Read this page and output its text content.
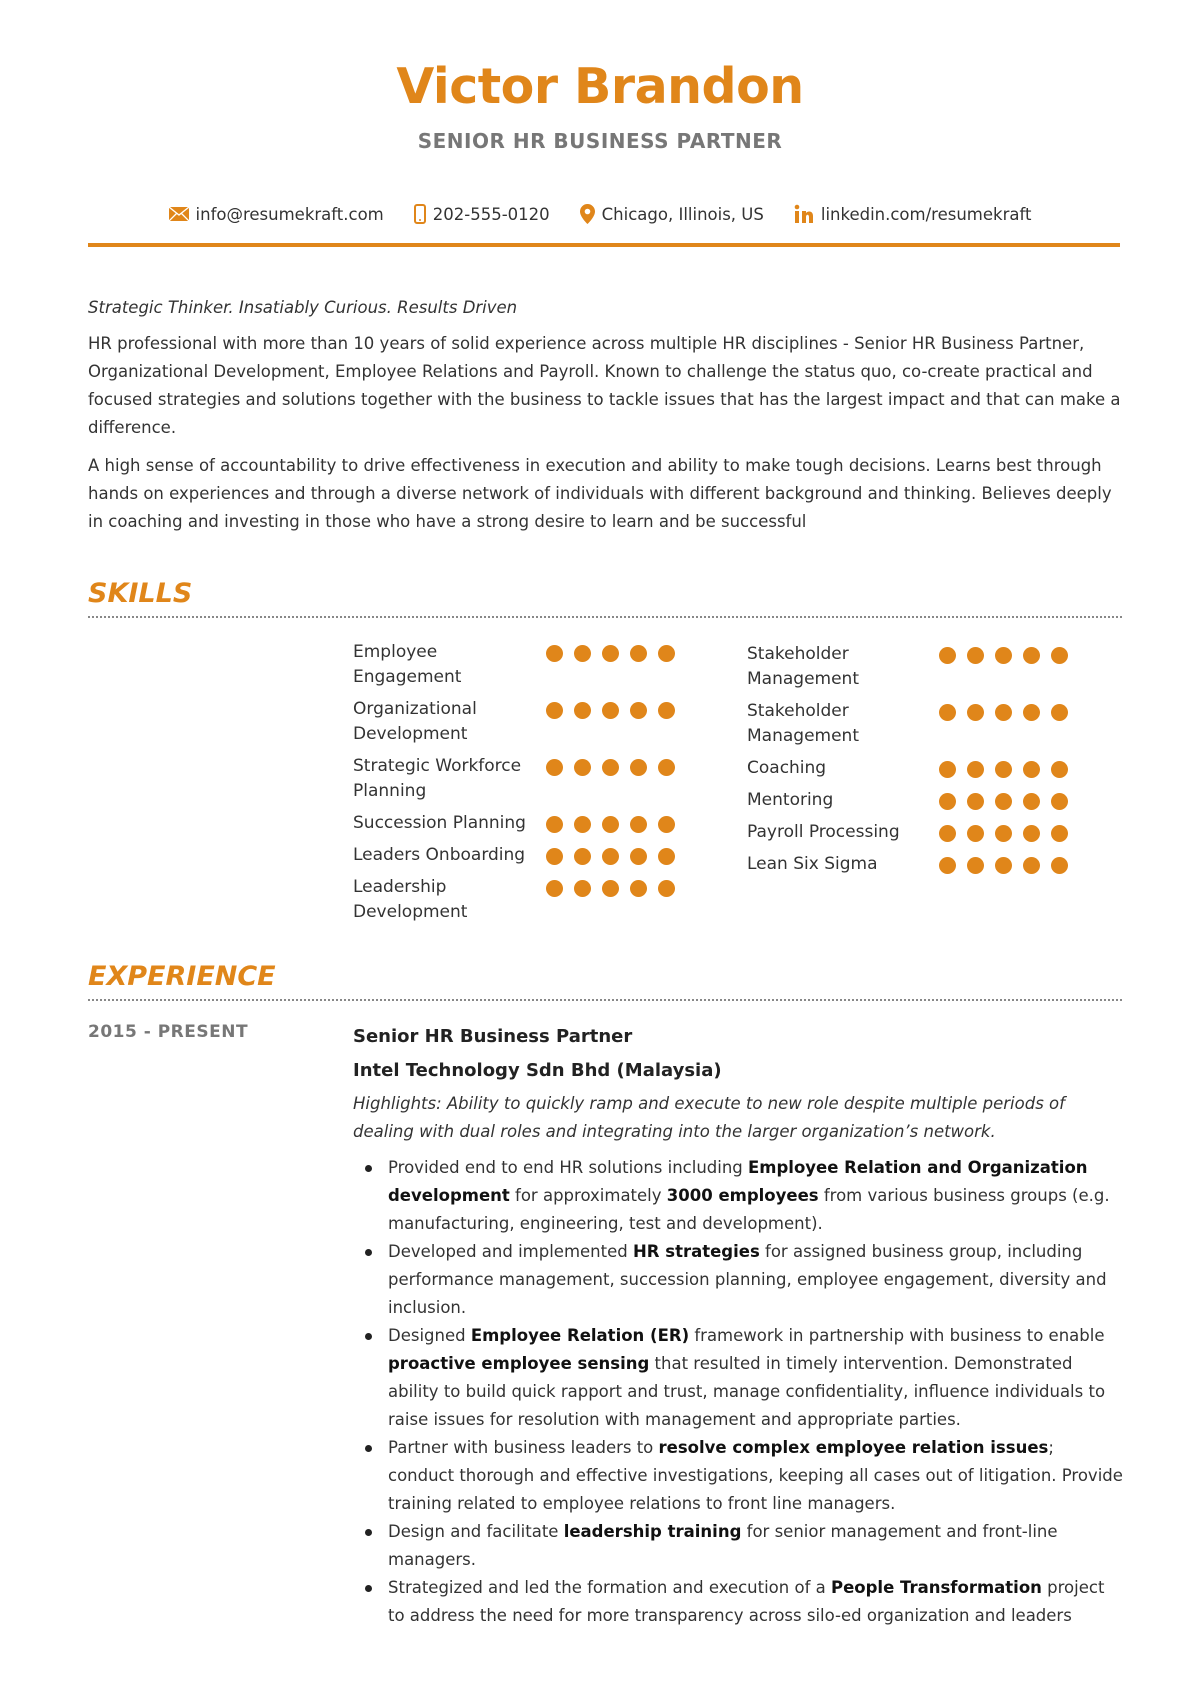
Victor Brandon
SENIOR HR BUSINESS PARTNER
info@resumekraft.com	202-555-0120	Chicago, Illinois, US	linkedin.com/resumekraft
Strategic Thinker. Insatiably Curious. Results Driven

HR professional with more than 10 years of solid experience across multiple HR disciplines - Senior HR Business Partner, Organizational Development, Employee Relations and Payroll. Known to challenge the status quo, co-create practical and focused strategies and solutions together with the business to tackle issues that has the largest impact and that can make a difference.

A high sense of accountability to drive effectiveness in execution and ability to make tough decisions. Learns best through hands on experiences and through a diverse network of individuals with different background and thinking. Believes deeply in coaching and investing in those who have a strong desire to learn and be successful

SKILLS
Employee Engagement
Organizational Development
Strategic Workforce Planning
Succession Planning
Leaders Onboarding
Leadership Development
Stakeholder Management
Stakeholder Management
Coaching
Mentoring
Payroll Processing
Lean Six Sigma
EXPERIENCE
2015 - PRESENT	Senior HR Business Partner
Intel Technology Sdn Bhd (Malaysia)
Highlights: Ability to quickly ramp and execute to new role despite multiple periods of dealing with dual roles and integrating into the larger organization’s network.
Provided end to end HR solutions including Employee Relation and Organization development for approximately 3000 employees from various business groups (e.g. manufacturing, engineering, test and development).
Developed and implemented HR strategies for assigned business group, including performance management, succession planning, employee engagement, diversity and inclusion.
Designed Employee Relation (ER) framework in partnership with business to enable proactive employee sensing that resulted in timely intervention. Demonstrated ability to build quick rapport and trust, manage confidentiality, influence individuals to raise issues for resolution with management and appropriate parties.
Partner with business leaders to resolve complex employee relation issues; conduct thorough and effective investigations, keeping all cases out of litigation. Provide training related to employee relations to front line managers.
Design and facilitate leadership training for senior management and front-line managers.
Strategized and led the formation and execution of a People Transformation project to address the need for more transparency across silo-ed organization and leaders
